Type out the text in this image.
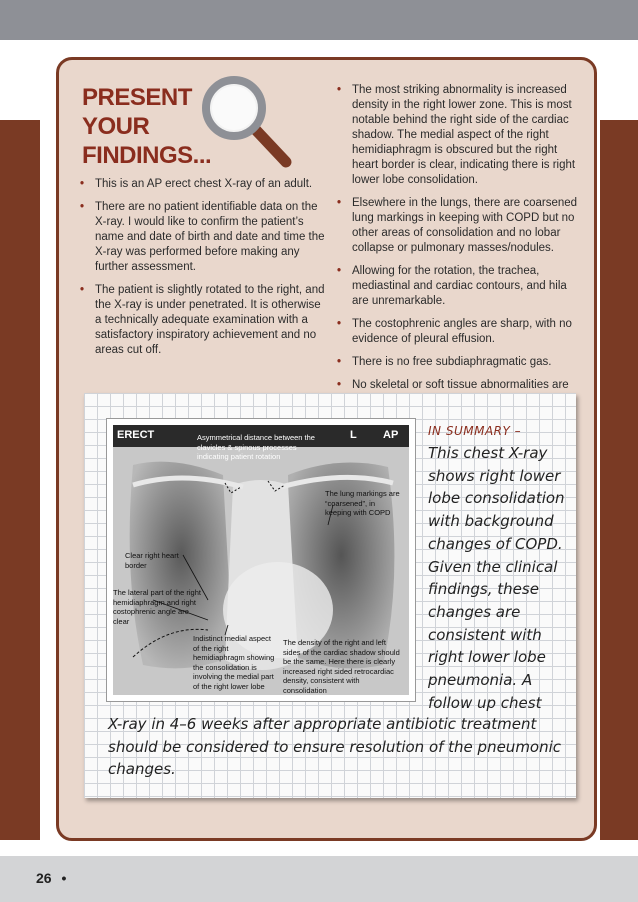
PRESENT
YOUR
FINDINGS...
• This is an AP erect chest X-ray of an adult.
• There are no patient identifiable data on the X-ray. I would like to confirm the patient’s name and date of birth and date and time the X-ray was performed before making any further assessment.
• The patient is slightly rotated to the right, and the X-ray is under penetrated. It is otherwise a technically adequate examination with a satisfactory inspiratory achievement and no areas cut off.
• The most striking abnormality is increased density in the right lower zone. This is most notable behind the right side of the cardiac shadow. The medial aspect of the right hemidiaphragm is obscured but the right heart border is clear, indicating there is right lower lobe consolidation.
• Elsewhere in the lungs, there are coarsened lung markings in keeping with COPD but no other areas of consolidation and no lobar collapse or pulmonary masses/nodules.
• Allowing for the rotation, the trachea, mediastinal and cardiac contours, and hila are unremarkable.
• The costophrenic angles are sharp, with no evidence of pleural effusion.
• There is no free subdiaphragmatic gas.
• No skeletal or soft tissue abnormalities are
ERECT	L AP
Asymmetrical distance between the clavicles & spinous processes indicating patient rotation
The lung markings are “coarsened”, in keeping with COPD
Clear right heart border
The lateral part of the right hemidiaphragm and right costophrenic angle are clear
Indistinct medial aspect of the right hemidiaphragm showing the consolidation is involving the medial part of the right lower lobe
The density of the right and left sides of the cardiac shadow should be the same. Here there is clearly increased right sided retrocardiac density, consistent with consolidation
IN SUMMARY –
This chest X-ray shows right lower lobe consolidation with background changes of COPD. Given the clinical findings, these changes are consistent with right lower lobe pneumonia. A follow up chest
X-ray in 4–6 weeks after appropriate antibiotic treatment should be considered to ensure resolution of the pneumonic changes.
26 •
